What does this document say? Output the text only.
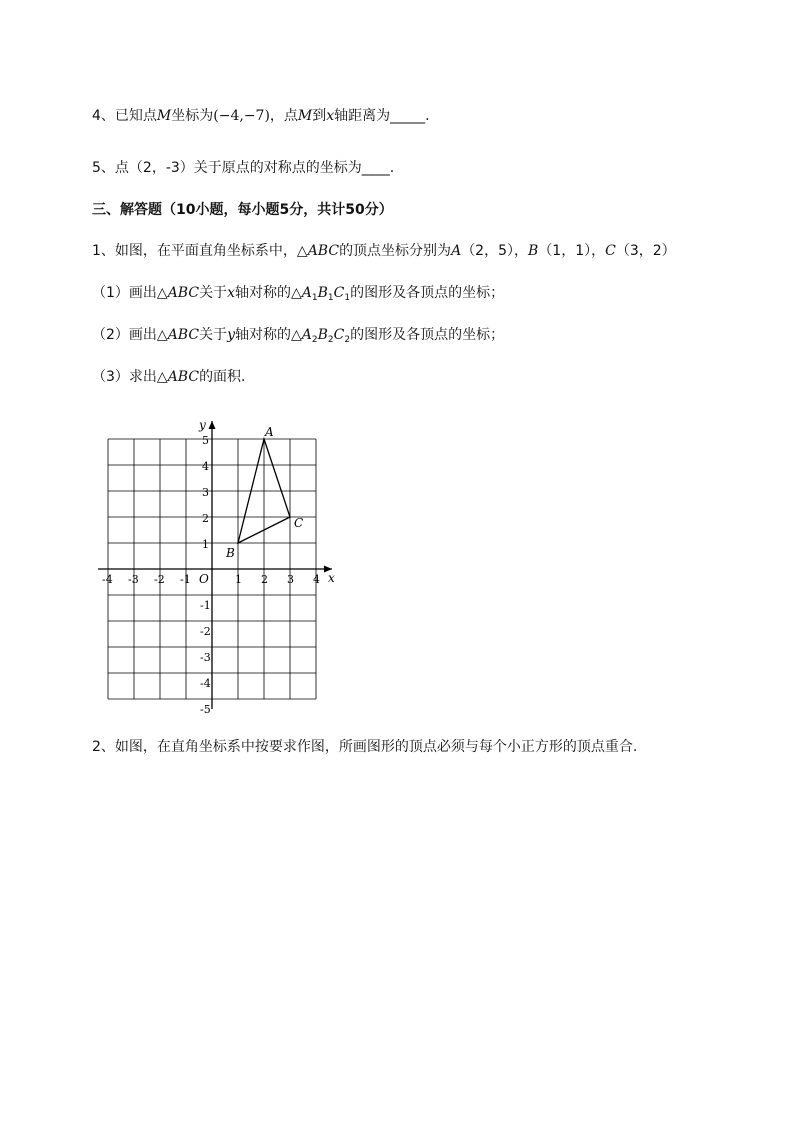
4、已知点M坐标为(−4,−7)，点M到x轴距离为_____.
5、点（2，-3）关于原点的对称点的坐标为____.
三、解答题（10小题，每小题5分，共计50分）
1、如图，在平面直角坐标系中，△ABC的顶点坐标分别为A（2，5），B（1，1），C（3，2）
（1）画出△ABC关于x轴对称的$\triangle A_1B_1C_1$的图形及各顶点的坐标；
（2）画出△ABC关于y轴对称的$\triangle A_2B_2C_2$的图形及各顶点的坐标；
（3）求出△ABC的面积.
x
y
O
-4 -3 -2 -1	1 2 3 4
5
4
3
2
1
-1
-2
-3
-4
-5
A
B
C
2、如图，在直角坐标系中按要求作图，所画图形的顶点必须与每个小正方形的顶点重合.
